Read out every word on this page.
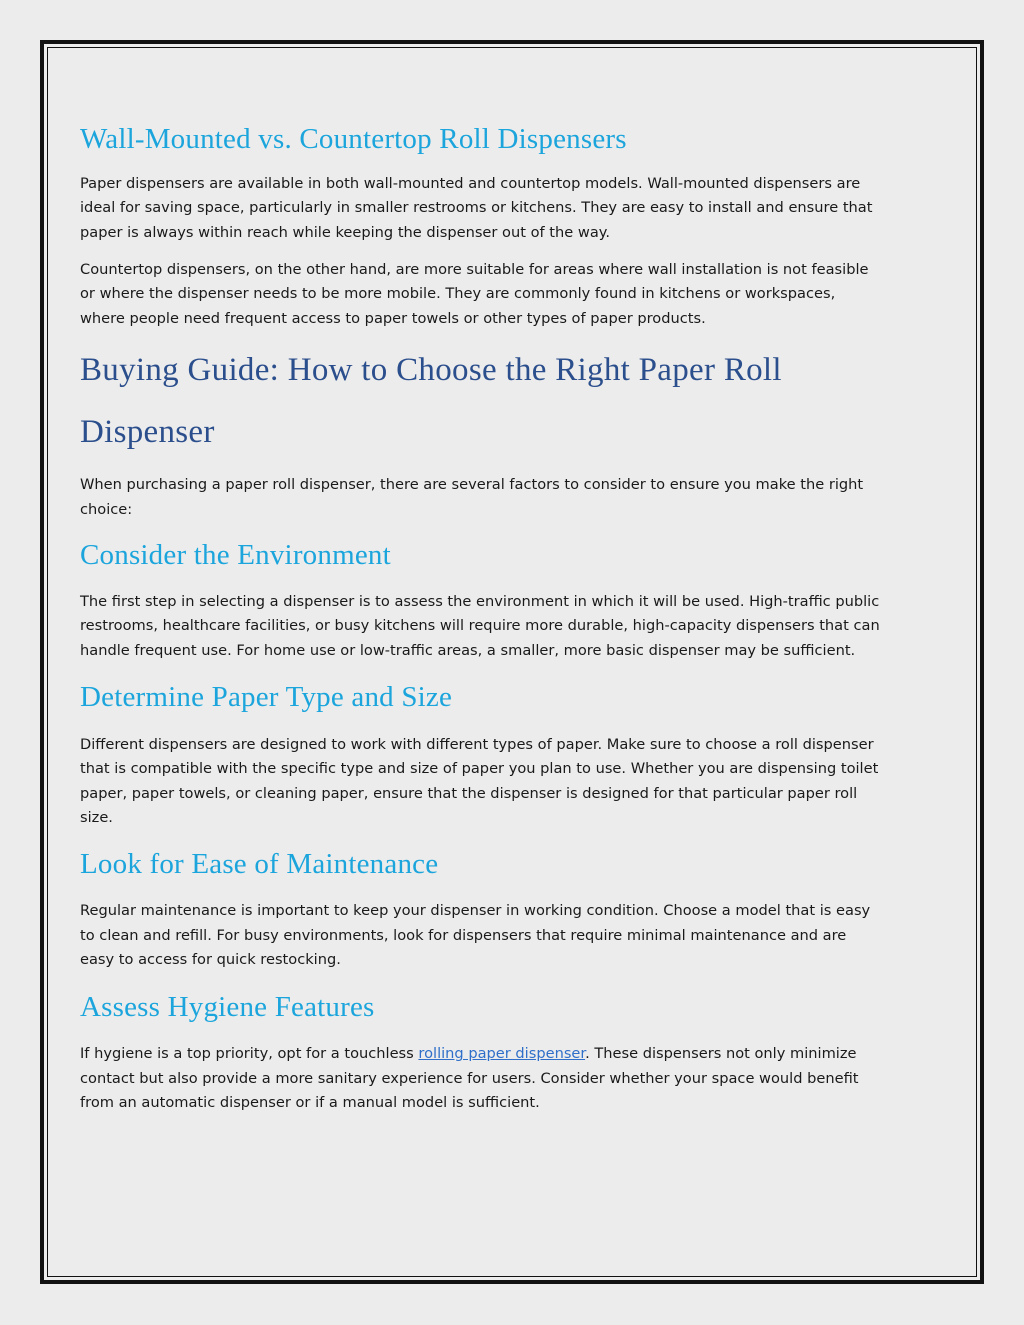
Wall-Mounted vs. Countertop Roll Dispensers

Paper dispensers are available in both wall-mounted and countertop models. Wall-mounted dispensers are ideal for saving space, particularly in smaller restrooms or kitchens. They are easy to install and ensure that paper is always within reach while keeping the dispenser out of the way.

Countertop dispensers, on the other hand, are more suitable for areas where wall installation is not feasible or where the dispenser needs to be more mobile. They are commonly found in kitchens or workspaces, where people need frequent access to paper towels or other types of paper products.

Buying Guide: How to Choose the Right Paper Roll Dispenser

When purchasing a paper roll dispenser, there are several factors to consider to ensure you make the right choice:

Consider the Environment

The first step in selecting a dispenser is to assess the environment in which it will be used. High-traffic public restrooms, healthcare facilities, or busy kitchens will require more durable, high-capacity dispensers that can handle frequent use. For home use or low-traffic areas, a smaller, more basic dispenser may be sufficient.

Determine Paper Type and Size

Different dispensers are designed to work with different types of paper. Make sure to choose a roll dispenser that is compatible with the specific type and size of paper you plan to use. Whether you are dispensing toilet paper, paper towels, or cleaning paper, ensure that the dispenser is designed for that particular paper roll size.

Look for Ease of Maintenance

Regular maintenance is important to keep your dispenser in working condition. Choose a model that is easy to clean and refill. For busy environments, look for dispensers that require minimal maintenance and are easy to access for quick restocking.

Assess Hygiene Features

If hygiene is a top priority, opt for a touchless rolling paper dispenser. These dispensers not only minimize contact but also provide a more sanitary experience for users. Consider whether your space would benefit from an automatic dispenser or if a manual model is sufficient.
